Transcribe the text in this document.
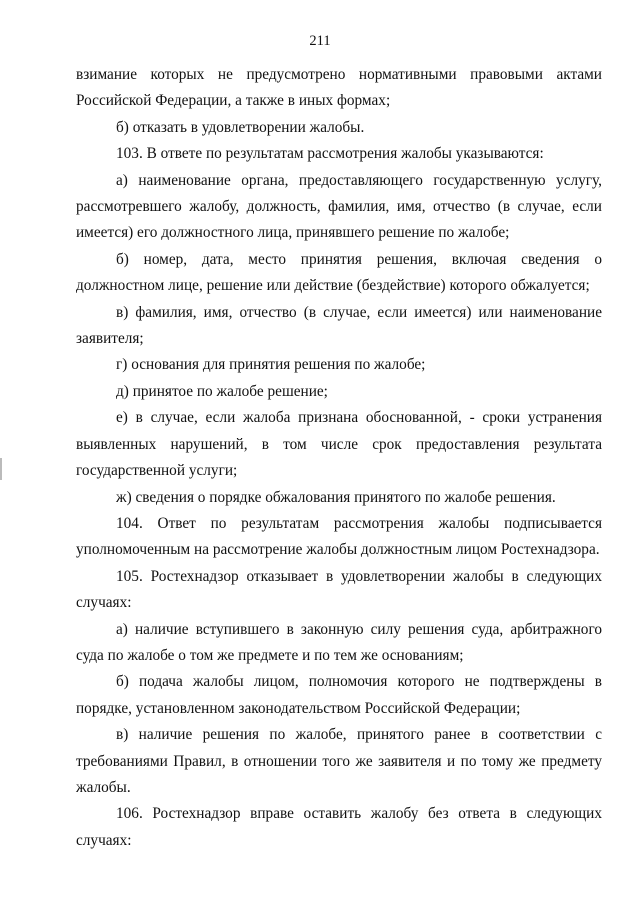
211

взимание которых не предусмотрено нормативными правовыми актами Российской Федерации, а также в иных формах;

б) отказать в удовлетворении жалобы.

103. В ответе по результатам рассмотрения жалобы указываются:

а) наименование органа, предоставляющего государственную услугу, рассмотревшего жалобу, должность, фамилия, имя, отчество (в случае, если имеется) его должностного лица, принявшего решение по жалобе;

б) номер, дата, место принятия решения, включая сведения о должностном лице, решение или действие (бездействие) которого обжалуется;

в) фамилия, имя, отчество (в случае, если имеется) или наименование заявителя;

г) основания для принятия решения по жалобе;

д) принятое по жалобе решение;

е) в случае, если жалоба признана обоснованной, - сроки устранения выявленных нарушений, в том числе срок предоставления результата государственной услуги;

ж) сведения о порядке обжалования принятого по жалобе решения.

104. Ответ по результатам рассмотрения жалобы подписывается уполномоченным на рассмотрение жалобы должностным лицом Ростехнадзора.

105. Ростехнадзор отказывает в удовлетворении жалобы в следующих случаях:

а) наличие вступившего в законную силу решения суда, арбитражного суда по жалобе о том же предмете и по тем же основаниям;

б) подача жалобы лицом, полномочия которого не подтверждены в порядке, установленном законодательством Российской Федерации;

в) наличие решения по жалобе, принятого ранее в соответствии с требованиями Правил, в отношении того же заявителя и по тому же предмету жалобы.

106. Ростехнадзор вправе оставить жалобу без ответа в следующих случаях:
